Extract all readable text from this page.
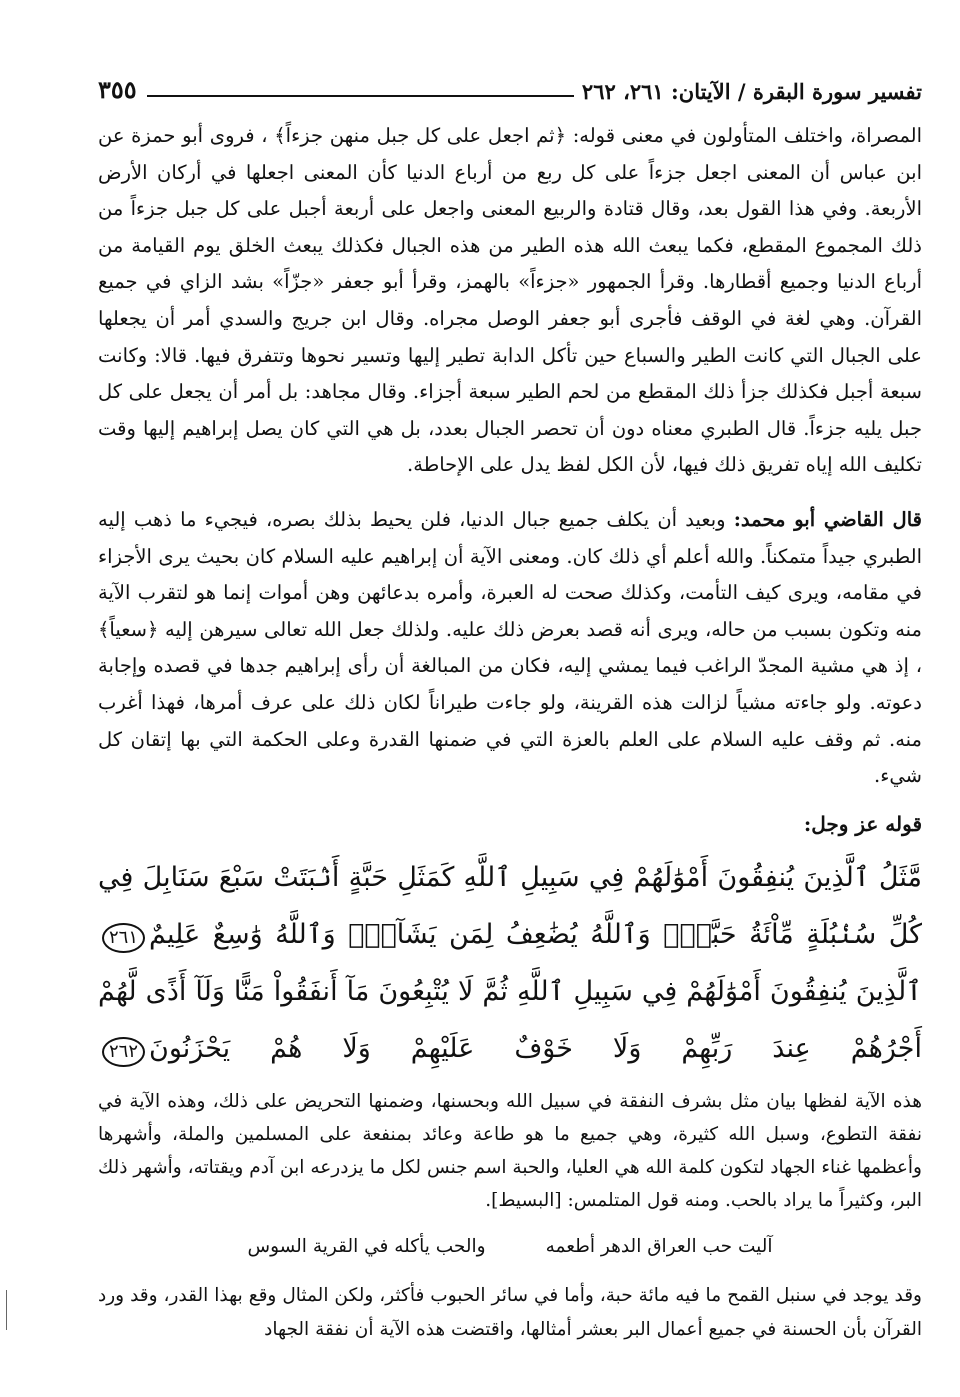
تفسير سورة البقرة / الآيتان: ٢٦١، ٢٦٢
٣٥٥

المصراة، واختلف المتأولون في معنى قوله: ﴿ثم اجعل على كل جبل منهن جزءاً﴾ ، فروى أبو حمزة عن ابن عباس أن المعنى اجعل جزءاً على كل ربع من أرباع الدنيا كأن المعنى اجعلها في أركان الأرض الأربعة. وفي هذا القول بعد، وقال قتادة والربيع المعنى واجعل على أربعة أجبل على كل جبل جزءاً من ذلك المجموع المقطع، فكما يبعث الله هذه الطير من هذه الجبال فكذلك يبعث الخلق يوم القيامة من أرباع الدنيا وجميع أقطارها. وقرأ الجمهور «جزءاً» بالهمز، وقرأ أبو جعفر «جزّاً» بشد الزاي في جميع القرآن. وهي لغة في الوقف فأجرى أبو جعفر الوصل مجراه. وقال ابن جريج والسدي أمر أن يجعلها على الجبال التي كانت الطير والسباع حين تأكل الدابة تطير إليها وتسير نحوها وتتفرق فيها. قالا: وكانت سبعة أجبل فكذلك جزأ ذلك المقطع من لحم الطير سبعة أجزاء. وقال مجاهد: بل أمر أن يجعل على كل جبل يليه جزءاً. قال الطبري معناه دون أن تحصر الجبال بعدد، بل هي التي كان يصل إبراهيم إليها وقت تكليف الله إياه تفريق ذلك فيها، لأن الكل لفظ يدل على الإحاطة.

قال القاضي أبو محمد: وبعيد أن يكلف جميع جبال الدنيا، فلن يحيط بذلك بصره، فيجيء ما ذهب إليه الطبري جيداً متمكناً. والله أعلم أي ذلك كان. ومعنى الآية أن إبراهيم عليه السلام كان بحيث يرى الأجزاء في مقامه، ويرى كيف التأمت، وكذلك صحت له العبرة، وأمره بدعائهن وهن أموات إنما هو لتقرب الآية منه وتكون بسبب من حاله، ويرى أنه قصد بعرض ذلك عليه. ولذلك جعل الله تعالى سيرهن إليه ﴿سعياً﴾ ، إذ هي مشية المجدّ الراغب فيما يمشي إليه، فكان من المبالغة أن رأى إبراهيم جدها في قصده وإجابة دعوته. ولو جاءته مشياً لزالت هذه القرينة، ولو جاءت طيراناً لكان ذلك على عرف أمرها، فهذا أغرب منه. ثم وقف عليه السلام على العلم بالعزة التي في ضمنها القدرة وعلى الحكمة التي بها إتقان كل شيء.

قوله عز وجل:

مَّثَلُ ٱلَّذِينَ يُنفِقُونَ أَمْوَٰلَهُمْ فِي سَبِيلِ ٱللَّهِ كَمَثَلِ حَبَّةٍ أَنۢبَتَتْ سَبْعَ سَنَابِلَ فِي كُلِّ سُنۢبُلَةٍ مِّاْئَةُ حَبَّةٍۗ وَٱللَّهُ يُضَٰعِفُ لِمَن يَشَآءُۚ وَٱللَّهُ وَٰسِعٌ عَلِيمٌ٢٦١ٱلَّذِينَ يُنفِقُونَ أَمْوَٰلَهُمْ فِي سَبِيلِ ٱللَّهِ ثُمَّ لَا يُتْبِعُونَ مَآ أَنفَقُواْ مَنًّا وَلَآ أَذًى لَّهُمْ أَجْرُهُمْ عِندَ رَبِّهِمْ وَلَا خَوْفٌ عَلَيْهِمْ وَلَا هُمْ يَحْزَنُونَ٢٦٢

هذه الآية لفظها بيان مثل بشرف النفقة في سبيل الله وبحسنها، وضمنها التحريض على ذلك، وهذه الآية في نفقة التطوع، وسبل الله كثيرة، وهي جميع ما هو طاعة وعائد بمنفعة على المسلمين والملة، وأشهرها وأعظمها غناء الجهاد لتكون كلمة الله هي العليا، والحبة اسم جنس لكل ما يزدرعه ابن آدم ويقتاته، وأشهر ذلك البر، وكثيراً ما يراد بالحب. ومنه قول المتلمس: [البسيط].

آليت حب العراق الدهر أطعمه
والحب يأكله في القرية السوس

وقد يوجد في سنبل القمح ما فيه مائة حبة، وأما في سائر الحبوب فأكثر، ولكن المثال وقع بهذا القدر، وقد ورد القرآن بأن الحسنة في جميع أعمال البر بعشر أمثالها، واقتضت هذه الآية أن نفقة الجهاد
